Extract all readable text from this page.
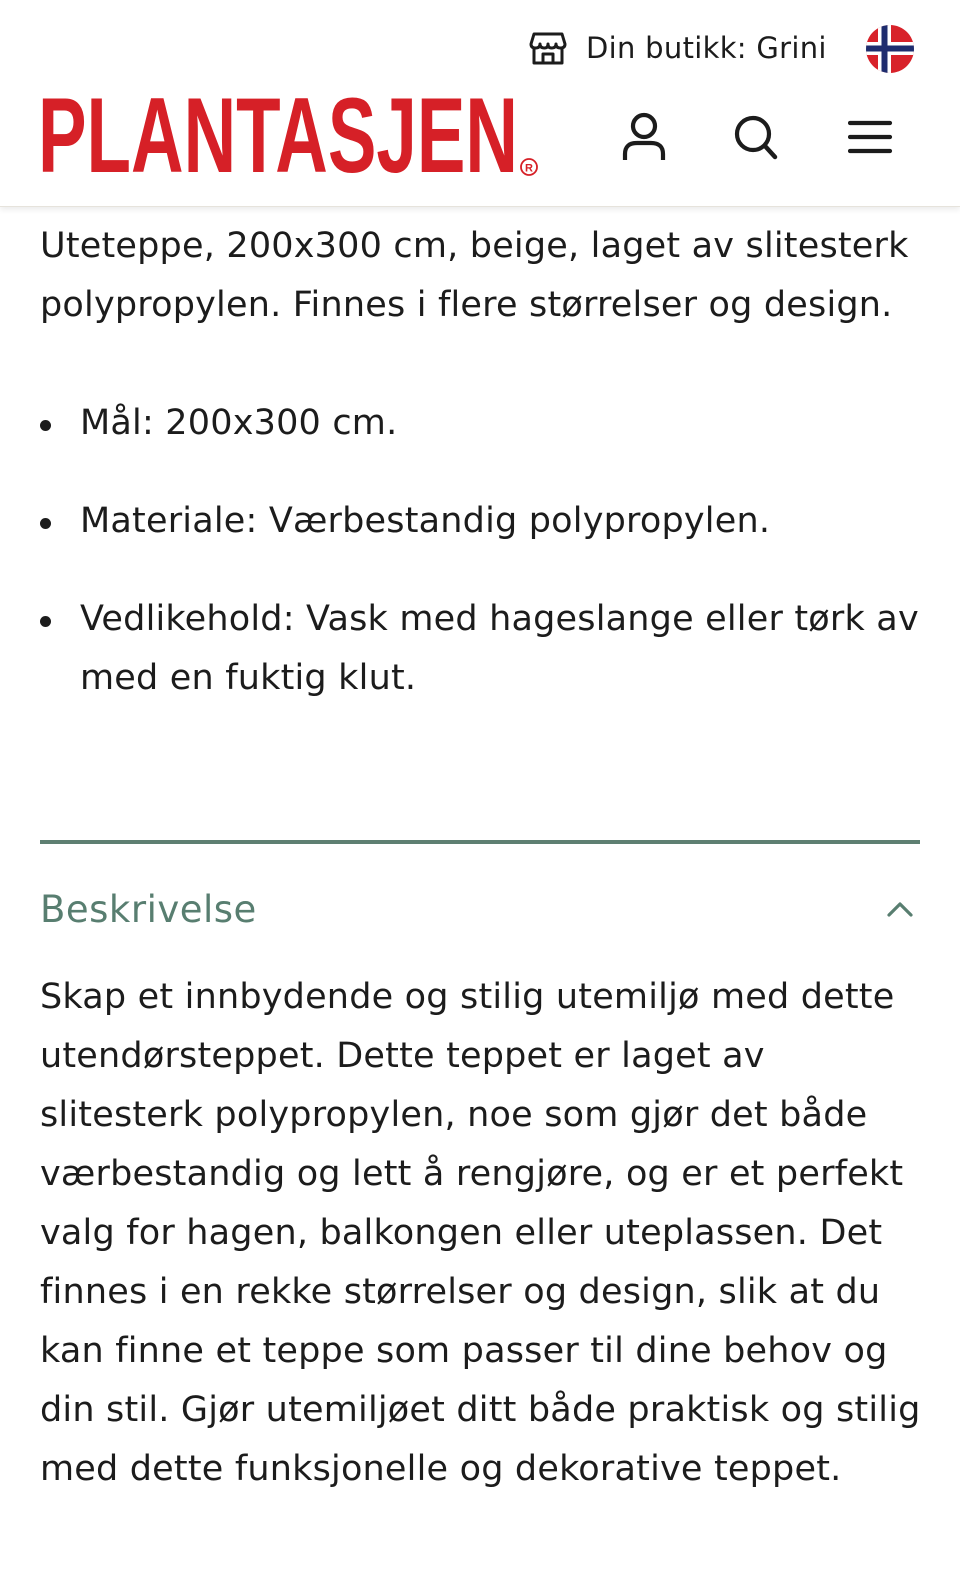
Din butikk: Grini
PLANTASJEN R

Uteteppe, 200x300 cm, beige, laget av slitesterk polypropylen. Finnes i flere størrelser og design.

Mål: 200x300 cm.
Materiale: Værbestandig polypropylen.
Vedlikehold: Vask med hageslange eller tørk av med en fuktig klut.
Beskrivelse

Skap et innbydende og stilig utemiljø med dette utendørsteppet. Dette teppet er laget av slitesterk polypropylen, noe som gjør det både værbestandig og lett å rengjøre, og er et perfekt valg for hagen, balkongen eller uteplassen. Det finnes i en rekke størrelser og design, slik at du kan finne et teppe som passer til dine behov og din stil. Gjør utemiljøet ditt både praktisk og stilig med dette funksjonelle og dekorative teppet.
